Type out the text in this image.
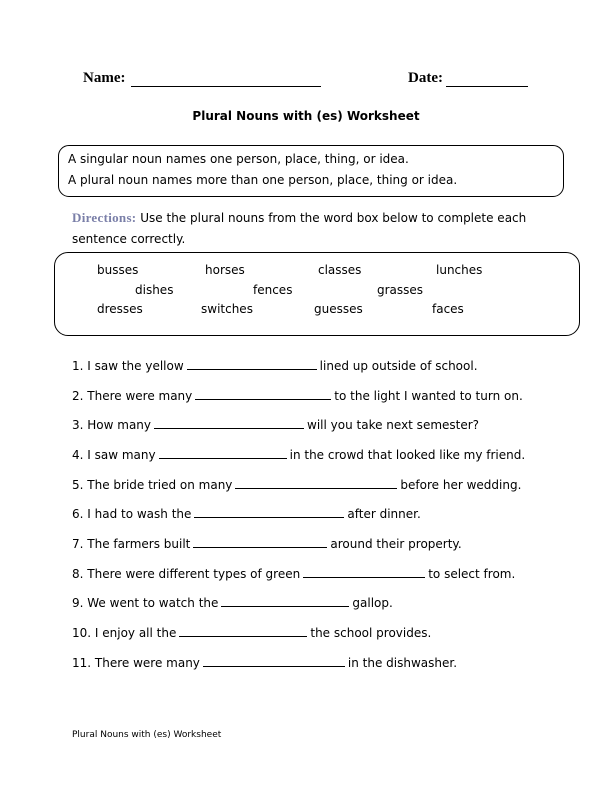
Name:	Date:
Plural Nouns with (es) Worksheet
A singular noun names one person, place, thing, or idea.
A plural noun names more than one person, place, thing or idea.
Directions: Use the plural nouns from the word box below to complete each sentence correctly.
busses	horses	classes	lunches
dishes	fences	grasses
dresses	switches	guesses	faces
1. I saw the yellow	lined up outside of school.
2. There were many	to the light I wanted to turn on.
3. How many	will you take next semester?
4. I saw many	in the crowd that looked like my friend.
5. The bride tried on many	before her wedding.
6. I had to wash the	after dinner.
7. The farmers built	around their property.
8. There were different types of green	to select from.
9. We went to watch the	gallop.
10. I enjoy all the	the school provides.
11. There were many	in the dishwasher.
Plural Nouns with (es) Worksheet
